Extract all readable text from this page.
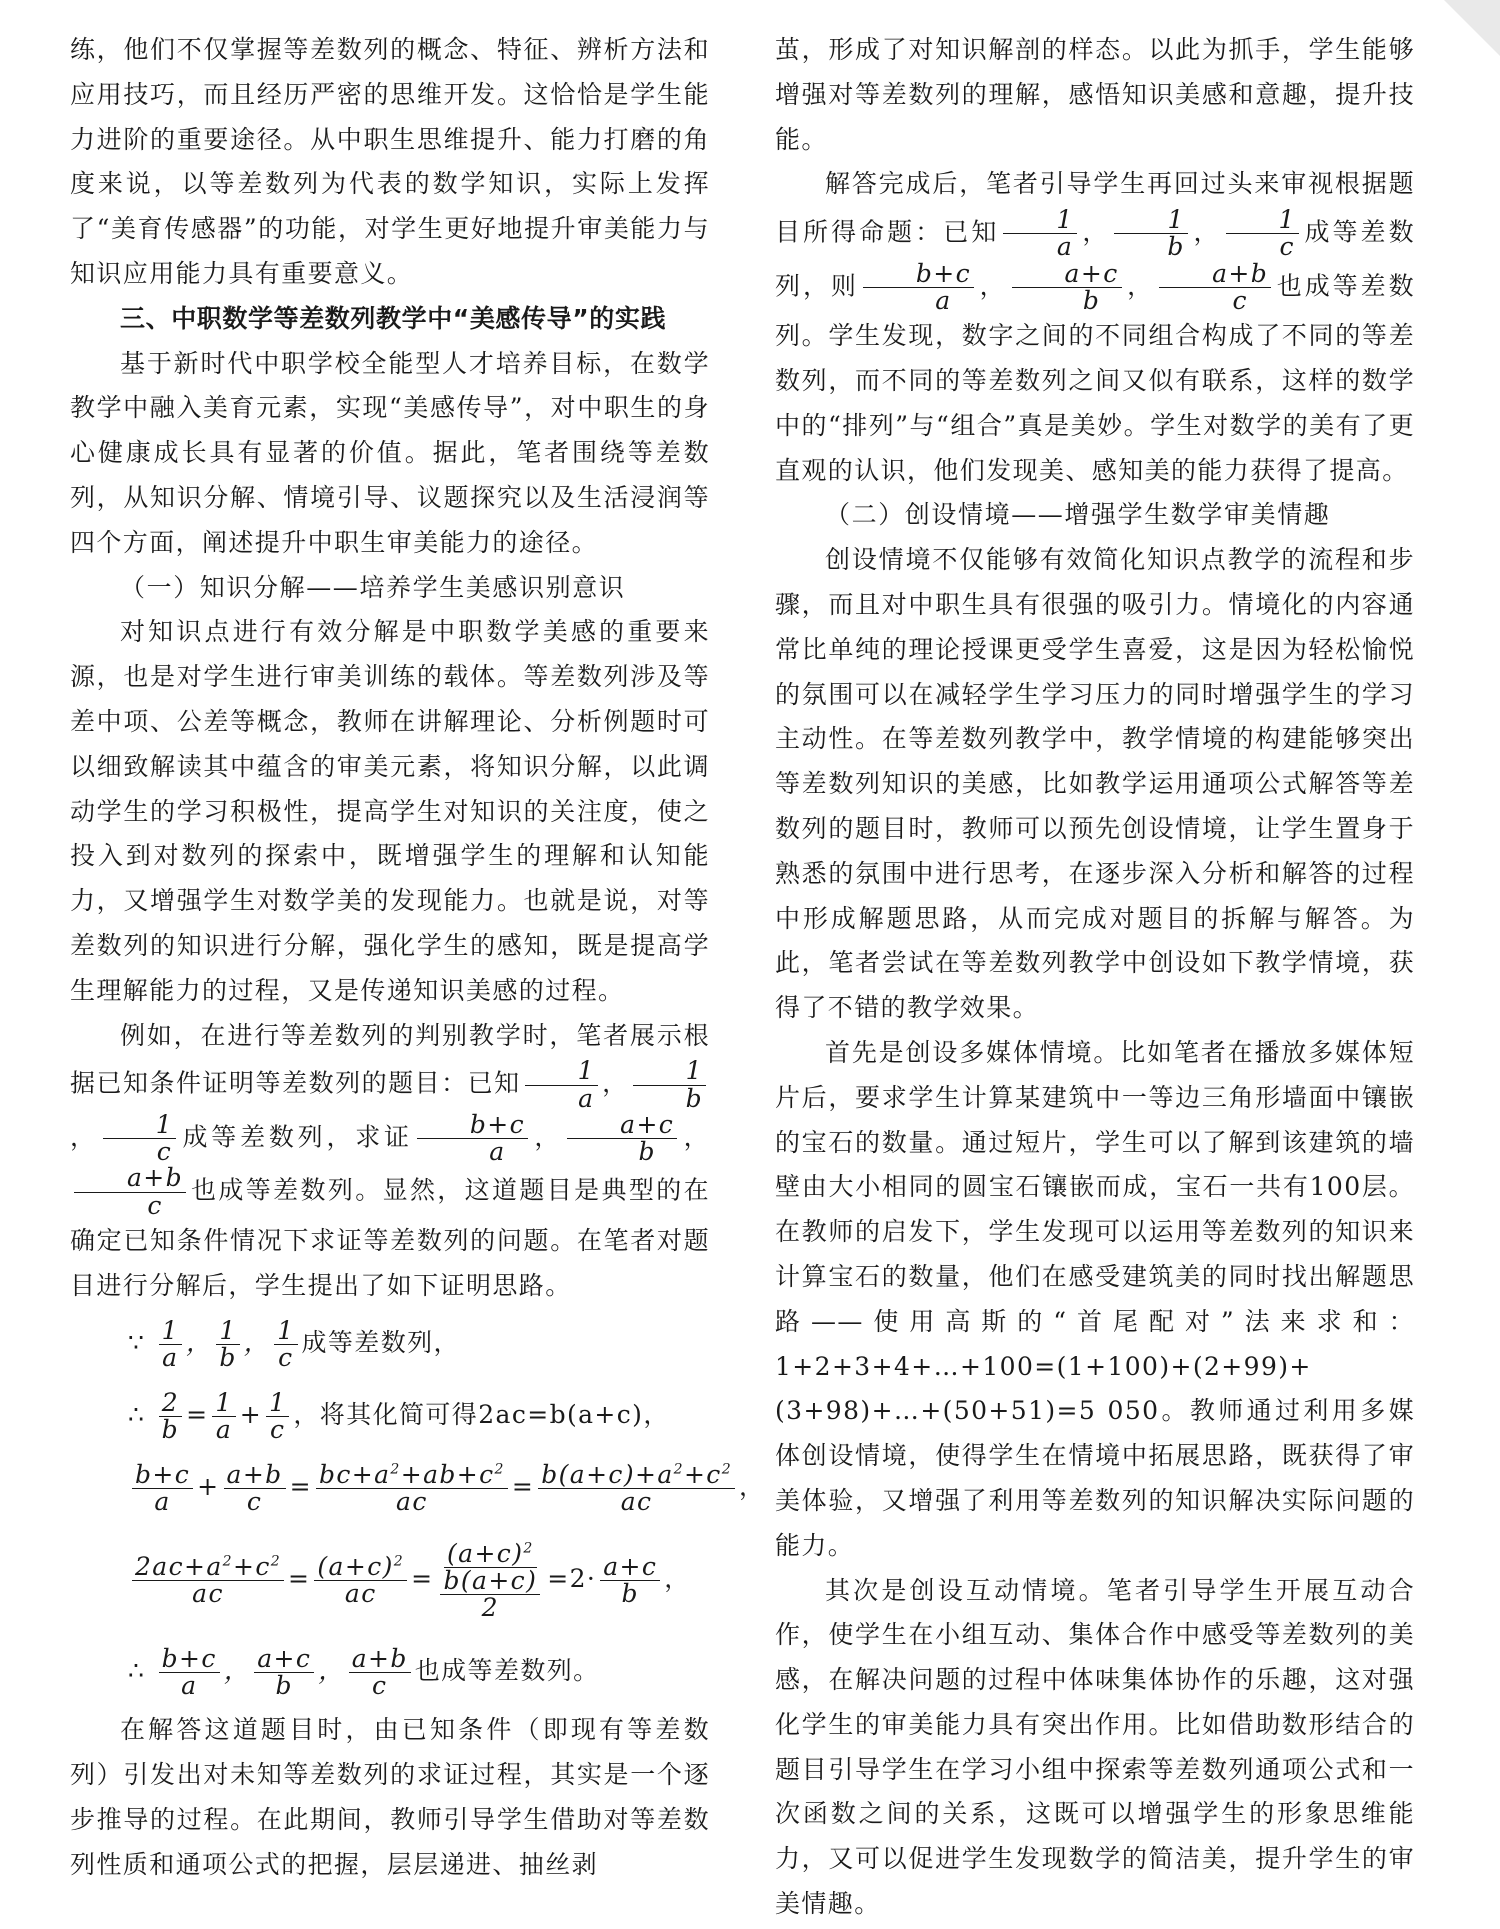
练，他们不仅掌握等差数列的概念、特征、辨析方法和应用技巧，而且经历严密的思维开发。这恰恰是学生能力进阶的重要途径。从中职生思维提升、能力打磨的角度来说，以等差数列为代表的数学知识，实际上发挥了“美育传感器”的功能，对学生更好地提升审美能力与知识应用能力具有重要意义。

三、中职数学等差数列教学中“美感传导”的实践

基于新时代中职学校全能型人才培养目标，在数学教学中融入美育元素，实现“美感传导”，对中职生的身心健康成长具有显著的价值。据此，笔者围绕等差数列，从知识分解、情境引导、议题探究以及生活浸润等四个方面，阐述提升中职生审美能力的途径。

（一）知识分解——培养学生美感识别意识

对知识点进行有效分解是中职数学美感的重要来源，也是对学生进行审美训练的载体。等差数列涉及等差中项、公差等概念，教师在讲解理论、分析例题时可以细致解读其中蕴含的审美元素，将知识分解，以此调动学生的学习积极性，提高学生对知识的关注度，使之投入到对数列的探索中，既增强学生的理解和认知能力，又增强学生对数学美的发现能力。也就是说，对等差数列的知识进行分解，强化学生的感知，既是提高学生理解能力的过程，又是传递知识美感的过程。

例如，在进行等差数列的判别教学时，笔者展示根据已知条件证明等差数列的题目：已知 $\frac{1}{a}$ ， $\frac{1}{b}$
， $\frac{1}{c}$ 成等差数列，求证 $\frac{b+c}{a}$ ， $\frac{a+c}{b}$ ，
$\frac{a+b}{c}$ 也成等差数列。显然，这道题目是典型的在确定已知条件情况下求证等差数列的问题。在笔者对题目进行分解后，学生提出了如下证明思路。

∵ $\frac{1}{a}$ ， $\frac{1}{b}$ ， $\frac{1}{c}$ 成等差数列，
∴ $\frac{2}{b} = \frac{1}{a} + \frac{1}{c}$ ，将其化简可得2ac=b(a+c)，
$\frac{b+c}{a} + \frac{a+b}{c} = \frac{bc+a^2+ab+c^2}{ac} = \frac{b(a+c)+a^2+c^2}{ac}$ ，
$\frac{2ac+a^2+c^2}{ac} = \frac{(a+c)^2}{ac} = \frac{(a+c)^2}{\frac{b(a+c)}{2}} =2\cdot \frac{a+c}{b}$ ，
∴ $\frac{b+c}{a}$ ， $\frac{a+c}{b}$ ， $\frac{a+b}{c}$ 也成等差数列。

在解答这道题目时，由已知条件（即现有等差数列）引发出对未知等差数列的求证过程，其实是一个逐步推导的过程。在此期间，教师引导学生借助对等差数列性质和通项公式的把握，层层递进、抽丝剥

茧，形成了对知识解剖的样态。以此为抓手，学生能够增强对等差数列的理解，感悟知识美感和意趣，提升技能。

解答完成后，笔者引导学生再回过头来审视根据题目所得命题：已知 $\frac{1}{a}$ ， $\frac{1}{b}$ ， $\frac{1}{c}$ 成等差数列，则 $\frac{b+c}{a}$ ， $\frac{a+c}{b}$ ， $\frac{a+b}{c}$ 也成等差数列。学生发现，数字之间的不同组合构成了不同的等差数列，而不同的等差数列之间又似有联系，这样的数学中的“排列”与“组合”真是美妙。学生对数学的美有了更直观的认识，他们发现美、感知美的能力获得了提高。

（二）创设情境——增强学生数学审美情趣

创设情境不仅能够有效简化知识点教学的流程和步骤，而且对中职生具有很强的吸引力。情境化的内容通常比单纯的理论授课更受学生喜爱，这是因为轻松愉悦的氛围可以在减轻学生学习压力的同时增强学生的学习主动性。在等差数列教学中，教学情境的构建能够突出等差数列知识的美感，比如教学运用通项公式解答等差数列的题目时，教师可以预先创设情境，让学生置身于熟悉的氛围中进行思考，在逐步深入分析和解答的过程中形成解题思路，从而完成对题目的拆解与解答。为此，笔者尝试在等差数列教学中创设如下教学情境，获得了不错的教学效果。

首先是创设多媒体情境。比如笔者在播放多媒体短片后，要求学生计算某建筑中一等边三角形墙面中镶嵌的宝石的数量。通过短片，学生可以了解到该建筑的墙壁由大小相同的圆宝石镶嵌而成，宝石一共有100层。在教师的启发下，学生发现可以运用等差数列的知识来计算宝石的数量，他们在感受建筑美的同时找出解题思路——使用高斯的“首尾配对”法来求和：1+2+3+4+…+100=(1+100)+(2+99)+(3+98)+…+(50+51)=5 050。教师通过利用多媒体创设情境，使得学生在情境中拓展思路，既获得了审美体验，又增强了利用等差数列的知识解决实际问题的能力。

其次是创设互动情境。笔者引导学生开展互动合作，使学生在小组互动、集体合作中感受等差数列的美感，在解决问题的过程中体味集体协作的乐趣，这对强化学生的审美能力具有突出作用。比如借助数形结合的题目引导学生在学习小组中探索等差数列通项公式和一次函数之间的关系，这既可以增强学生的形象思维能力，又可以促进学生发现数学的简洁美，提升学生的审美情趣。
